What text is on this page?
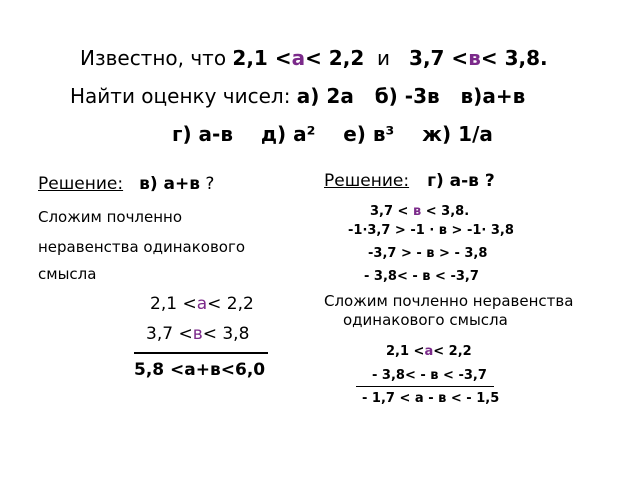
Известно, что 2,1 <а< 2,2  и   3,7 <в< 3,8.
Найти оценку чисел: а) 2а   б) -3в   в)а+в
г) а-в    д) а²    е) в³    ж) 1/а
Решение: в) а+в ?
Сложим почленно
неравенства одинакового
смысла
2,1 <а< 2,2
3,7 <в< 3,8
5,8 <а+в<6,0
Решение: г) а-в ?
3,7 < в < 3,8.
-1·3,7 > -1 · в > -1· 3,8
-3,7 > - в > - 3,8
- 3,8< - в < -3,7
Сложим почленно неравенства
одинакового смысла
2,1 <а< 2,2
- 3,8< - в < -3,7
- 1,7 < а - в < - 1,5
